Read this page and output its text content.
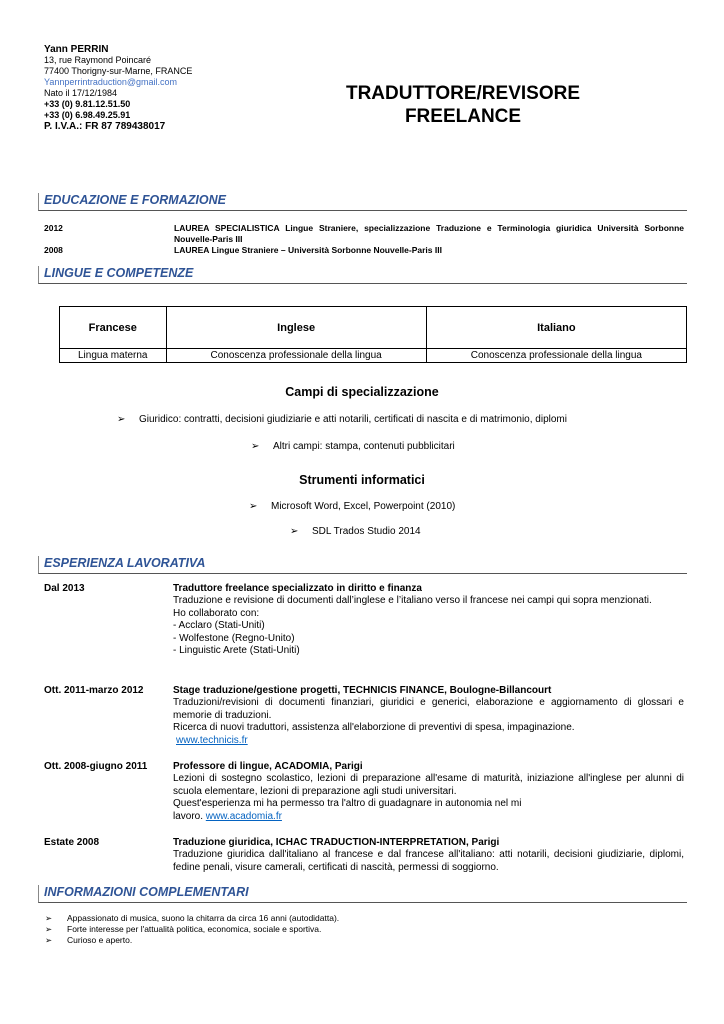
Yann PERRIN
13, rue Raymond Poincaré
77400 Thorigny-sur-Marne, FRANCE
Yannperrintraduction@gmail.com
Nato il 17/12/1984
+33 (0) 9.81.12.51.50
+33 (0) 6.98.49.25.91
P. I.V.A.: FR 87 789438017
TRADUTTORE/REVISORE
FREELANCE
EDUCAZIONE E FORMAZIONE
2012	LAUREA SPECIALISTICA Lingue Straniere, specializzazione Traduzione e Terminologia giuridica Università Sorbonne Nouvelle-Paris III
2008	LAUREA Lingue Straniere – Università Sorbonne Nouvelle-Paris III
LINGUE E COMPETENZE
Francese	Inglese	Italiano
Lingua materna	Conoscenza professionale della lingua	Conoscenza professionale della lingua
Campi di specializzazione
➢ Giuridico: contratti, decisioni giudiziarie e atti notarili, certificati di nascita e di matrimonio, diplomi
➢ Altri campi: stampa, contenuti pubblicitari
Strumenti informatici
➢ Microsoft Word, Excel, Powerpoint (2010)
➢ SDL Trados Studio 2014
ESPERIENZA LAVORATIVA
Dal 2013	Traduttore freelance specializzato in diritto e finanza
Traduzione e revisione di documenti dall’inglese e l’italiano verso il francese nei campi qui sopra menzionati.
Ho collaborato con:
- Acclaro (Stati-Uniti)
- Wolfestone (Regno-Unito)
- Linguistic Arete (Stati-Uniti)
Ott. 2011-marzo 2012	Stage traduzione/gestione progetti, TECHNICIS FINANCE, Boulogne-Billancourt
Traduzioni/revisioni di documenti finanziari, giuridici e generici, elaborazione e aggiornamento di glossari e memorie di traduzioni.
Ricerca di nuovi traduttori, assistenza all'elaborzione di preventivi di spesa, impaginazione.
www.technicis.fr
Ott. 2008-giugno 2011	Professore di lingue, ACADOMIA, Parigi
Lezioni di sostegno scolastico, lezioni di preparazione all'esame di maturità, iniziazione all'inglese per alunni di scuola elementare, lezioni di preparazione agli studi universitari.
Quest'esperienza mi ha permesso tra l'altro di guadagnare in autonomia nel mi
lavoro. www.acadomia.fr
Estate 2008	Traduzione giuridica, ICHAC TRADUCTION-INTERPRETATION, Parigi
Traduzione giuridica dall'italiano al francese e dal francese all'italiano: atti notarili, decisioni giudiziarie, diplomi, fedine penali, visure camerali, certificati di nascità, permessi di soggiorno.
INFORMAZIONI COMPLEMENTARI
➢ Appassionato di musica, suono la chitarra da circa 16 anni (autodidatta).
➢ Forte interesse per l'attualità politica, economica, sociale e sportiva.
➢ Curioso e aperto.
